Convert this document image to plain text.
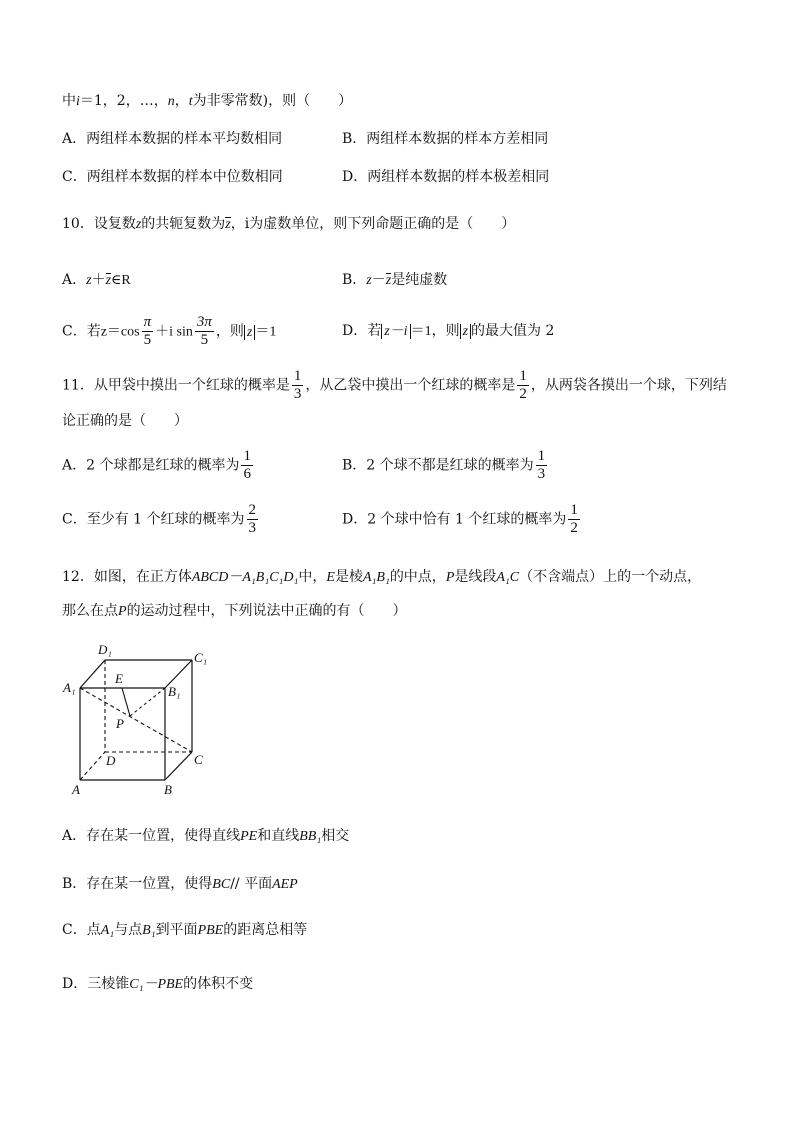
中i＝1，2，…，n，t为非零常数)，则（　　）
A．两组样本数据的样本平均数相同	B．两组样本数据的样本方差相同
C．两组样本数据的样本中位数相同	D．两组样本数据的样本极差相同
10．设复数z的共轭复数为z，i为虚数单位，则下列命题正确的是（　　）
A．z＋z∈R	B．z－z是纯虚数
C．若$z=\cos \frac{\pi}{5} +i$ $\sin \frac{3\pi}{5}$ ，则 z ＝1	D．若 z－i ＝1，则 z 的最大值为 2
11．从甲袋中摸出一个红球的概率是 $\frac{1}{3}$ ，从乙袋中摸出一个红球的概率是 $\frac{1}{2}$ ，从两袋各摸出一个球，下列结
论正确的是（　　）
A．2 个球都是红球的概率为 $\frac{1}{6}$	B．2 个球不都是红球的概率为 $\frac{1}{3}$
C．至少有 1 个红球的概率为 $\frac{2}{3}$	D．2 个球中恰有 1 个红球的概率为 $\frac{1}{2}$
12．如图，在正方体ABCD－A₁B₁C₁D₁中，E是棱A₁B₁的中点，P是线段A₁C（不含端点）上的一个动点，
那么在点P的运动过程中，下列说法中正确的有（　　）
D₁
C₁
A₁	B₁
E
P
D	C
A	B
A．存在某一位置，使得直线PE和直线BB₁相交
B．存在某一位置，使得BC// 平面AEP
C．点A₁与点B₁到平面PBE的距离总相等
D．三棱锥C₁－PBE的体积不变
